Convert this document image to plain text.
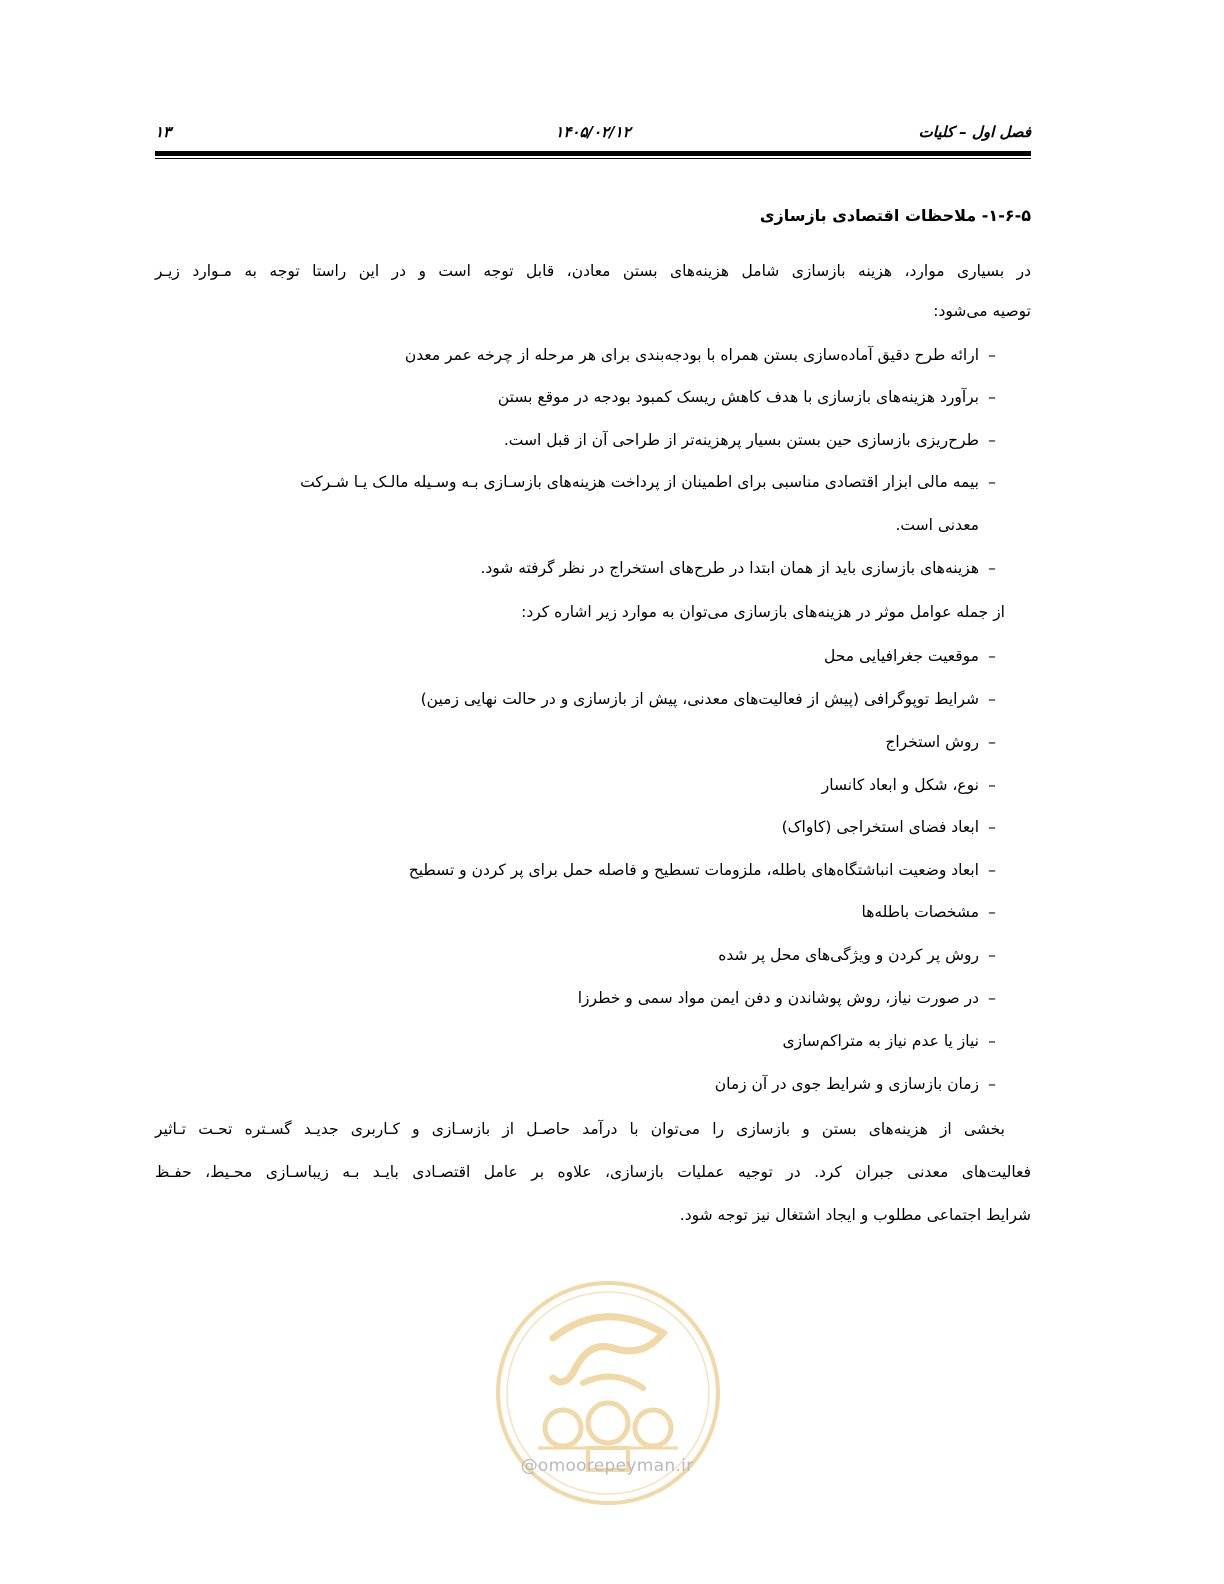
فصل اول – کلیات
۱۴۰۵/۰۲/۱۲
۱۳
۱-۶-۵- ملاحظات اقتصادی بازسازی
در بسیاری موارد، هزینه بازسازی شامل هزینه‌های بستن معادن، قابل توجه است و در این راستا توجه به مـوارد زیـر
توصیه می‌شود:
–ارائه طرح دقیق آماده‌سازی بستن همراه با بودجه‌بندی برای هر مرحله از چرخه عمر معدن
–برآورد هزینه‌های بازسازی با هدف کاهش ریسک کمبود بودجه در موقع بستن
–طرح‌ریزی بازسازی حین بستن بسیار پرهزینه‌تر از طراحی آن از قبل است.
–بیمه مالی ابزار اقتصادی مناسبی برای اطمینان از پرداخت هزینه‌های بازسـازی بـه وسـیله مالـک یـا شـرکت
معدنی است.
–هزینه‌های بازسازی باید از همان ابتدا در طرح‌های استخراج در نظر گرفته شود.
از جمله عوامل موثر در هزینه‌های بازسازی می‌توان به موارد زیر اشاره کرد:
–موقعیت جغرافیایی محل
–شرایط توپوگرافی (پیش از فعالیت‌های معدنی، پیش از بازسازی و در حالت نهایی زمین)
–روش استخراج
–نوع، شکل و ابعاد کانسار
–ابعاد فضای استخراجی (کاواک)
–ابعاد وضعیت انباشتگاه‌های باطله، ملزومات تسطیح و فاصله حمل برای پر کردن و تسطیح
–مشخصات باطله‌ها
–روش پر کردن و ویژگی‌های محل پر شده
–در صورت نیاز، روش پوشاندن و دفن ایمن مواد سمی و خطرزا
–نیاز یا عدم نیاز به متراکم‌سازی
–زمان بازسازی و شرایط جوی در آن زمان
بخشی از هزینه‌های بستن و بازسازی را می‌توان با درآمد حاصـل از بازسـازی و کـاربری جدیـد گسـتره تحـت تـاثیر
فعالیت‌های معدنی جبران کرد. در توجیه عملیات بازسازی، علاوه بر عامل اقتصـادی بایـد بـه زیباسـازی محـیط، حفـظ
شرایط اجتماعی مطلوب و ایجاد اشتغال نیز توجه شود.
@omoorepeyman.ir
